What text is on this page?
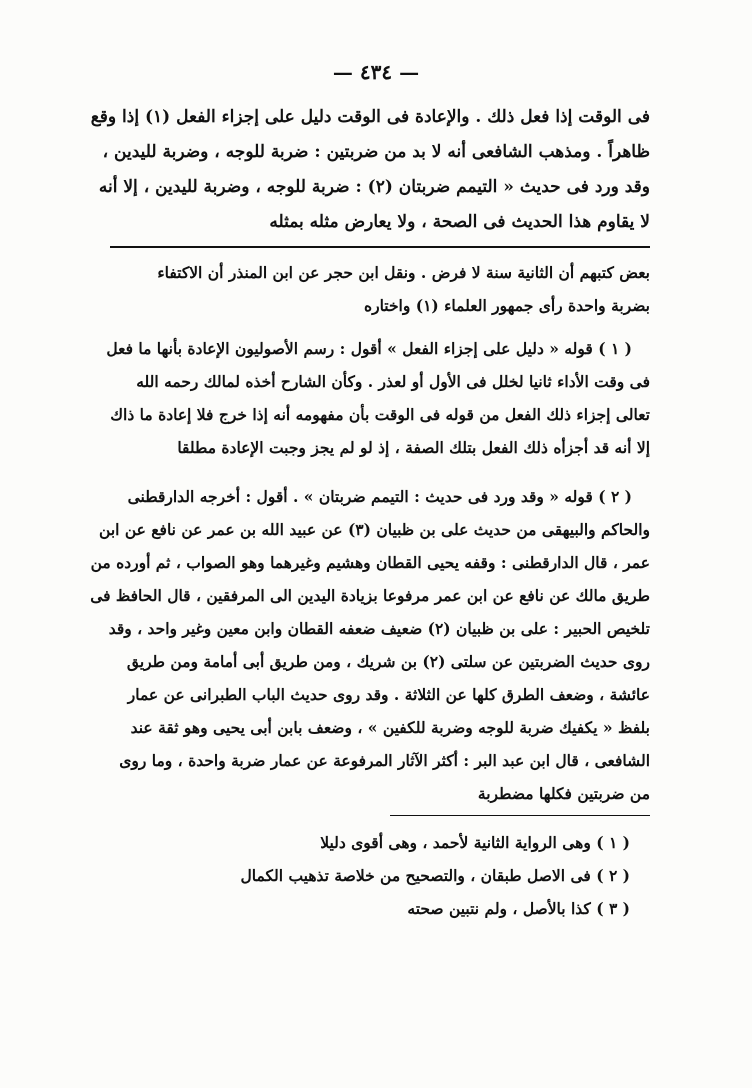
— ٤٣٤ —
فى الوقت إذا فعل ذلك . والإعادة فى الوقت دليل على إجزاء الفعل (١) إذا وقع
ظاهراً . ومذهب الشافعى أنه لا بد من ضربتين : ضربة للوجه ، وضربة لليدين ،
وقد ورد فى حديث « التيمم ضربتان (٢) : ضربة للوجه ، وضربة لليدين ، إلا أنه
لا يقاوم هذا الحديث فى الصحة ، ولا يعارض مثله بمثله
بعض كتبهم أن الثانية سنة لا فرض . ونقل ابن حجر عن ابن المنذر أن الاكتفاء
بضربة واحدة رأى جمهور العلماء (١) واختاره
( ١ ) قوله « دليل على إجزاء الفعل » أقول : رسم الأصوليون الإعادة بأنها ما فعل
فى وقت الأداء ثانيا لخلل فى الأول أو لعذر . وكأن الشارح أخذه لمالك رحمه الله
تعالى إجزاء ذلك الفعل من قوله فى الوقت بأن مفهومه أنه إذا خرج فلا إعادة ما ذاك
إلا أنه قد أجزأه ذلك الفعل بتلك الصفة ، إذ لو لم يجز وجبت الإعادة مطلقا
( ٢ ) قوله « وقد ورد فى حديث : التيمم ضربتان » . أقول : أخرجه الدارقطنى
والحاكم والبيهقى من حديث على بن ظبيان (٣) عن عبيد الله بن عمر عن نافع عن ابن
عمر ، قال الدارقطنى : وقفه يحيى القطان وهشيم وغيرهما وهو الصواب ، ثم أورده من
طريق مالك عن نافع عن ابن عمر مرفوعا بزيادة اليدين الى المرفقين ، قال الحافظ فى
تلخيص الحبير : على بن ظبيان (٢) ضعيف ضعفه القطان وابن معين وغير واحد ، وقد
روى حديث الضربتين عن سلتى (٢) بن شريك ، ومن طريق أبى أمامة ومن طريق
عائشة ، وضعف الطرق كلها عن الثلاثة . وقد روى حديث الباب الطبرانى عن عمار
بلفظ « يكفيك ضربة للوجه وضربة للكفين » ، وضعف بابن أبى يحيى وهو ثقة عند
الشافعى ، قال ابن عبد البر : أكثر الآثار المرفوعة عن عمار ضربة واحدة ، وما روى
من ضربتين فكلها مضطربة
( ١ ) وهى الرواية الثانية لأحمد ، وهى أقوى دليلا
( ٢ ) فى الاصل طبقان ، والتصحيح من خلاصة تذهيب الكمال
( ٣ ) كذا بالأصل ، ولم نتبين صحته
